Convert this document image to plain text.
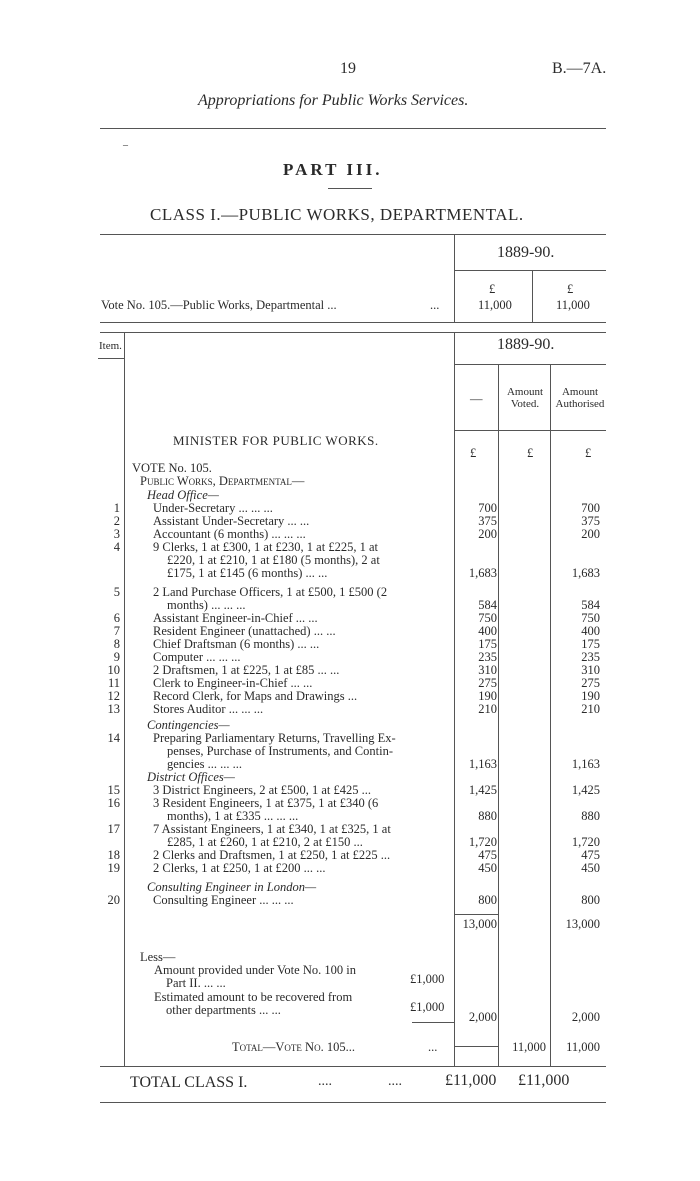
19	B.—7A.
Appropriations for Public Works Services.
–
PART III.
CLASS I.—PUBLIC WORKS, DEPARTMENTAL.
1889-90.
£	£
Vote No. 105.—Public Works, Departmental ...	...	11,000	11,000
Item.	1889-90.
—	Amount Voted.
Amount Authorised
MINISTER FOR PUBLIC WORKS.
£	£	£
VOTE No. 105.
Public Works, Departmental—
Head Office—
1	Under-Secretary ... ... ...	700	700
2	Assistant Under-Secretary ... ...	375	375
3	Accountant (6 months) ... ... ...	200	200
4	9 Clerks, 1 at £300, 1 at £230, 1 at £225, 1 at
£220, 1 at £210, 1 at £180 (5 months), 2 at
£175, 1 at £145 (6 months) ... ...	1,683	1,683
5	2 Land Purchase Officers, 1 at £500, 1 £500 (2
months) ... ... ...	584	584
6	Assistant Engineer-in-Chief ... ...	750	750
7	Resident Engineer (unattached) ... ...	400	400
8	Chief Draftsman (6 months) ... ...	175	175
9	Computer ... ... ...	235	235
10	2 Draftsmen, 1 at £225, 1 at £85 ... ...	310	310
11	Clerk to Engineer-in-Chief ... ...	275	275
12	Record Clerk, for Maps and Drawings ...	190	190
13	Stores Auditor ... ... ...	210	210
14	Preparing Parliamentary Returns, Travelling Ex-
penses, Purchase of Instruments, and Contin-
gencies ... ... ...	1,163	1,163
15	3 District Engineers, 2 at £500, 1 at £425 ...	1,425	1,425
16	3 Resident Engineers, 1 at £375, 1 at £340 (6
months), 1 at £335 ... ... ...	880	880
17	7 Assistant Engineers, 1 at £340, 1 at £325, 1 at
£285, 1 at £260, 1 at £210, 2 at £150 ...	1,720	1,720
18	2 Clerks and Draftsmen, 1 at £250, 1 at £225 ...	475	475
19	2 Clerks, 1 at £250, 1 at £200 ... ...	450	450
20	Consulting Engineer ... ... ...	800	800
Contingencies—
District Offices—
Consulting Engineer in London—
13,000	13,000
Less—
Amount provided under Vote No. 100 in
Part II. ... ...	£1,000
Estimated amount to be recovered from
other departments ... ...	£1,000
2,000	2,000
Total—Vote No. 105...	...	11,000	11,000
TOTAL CLASS I.	....	....	£11,000 £11,000
